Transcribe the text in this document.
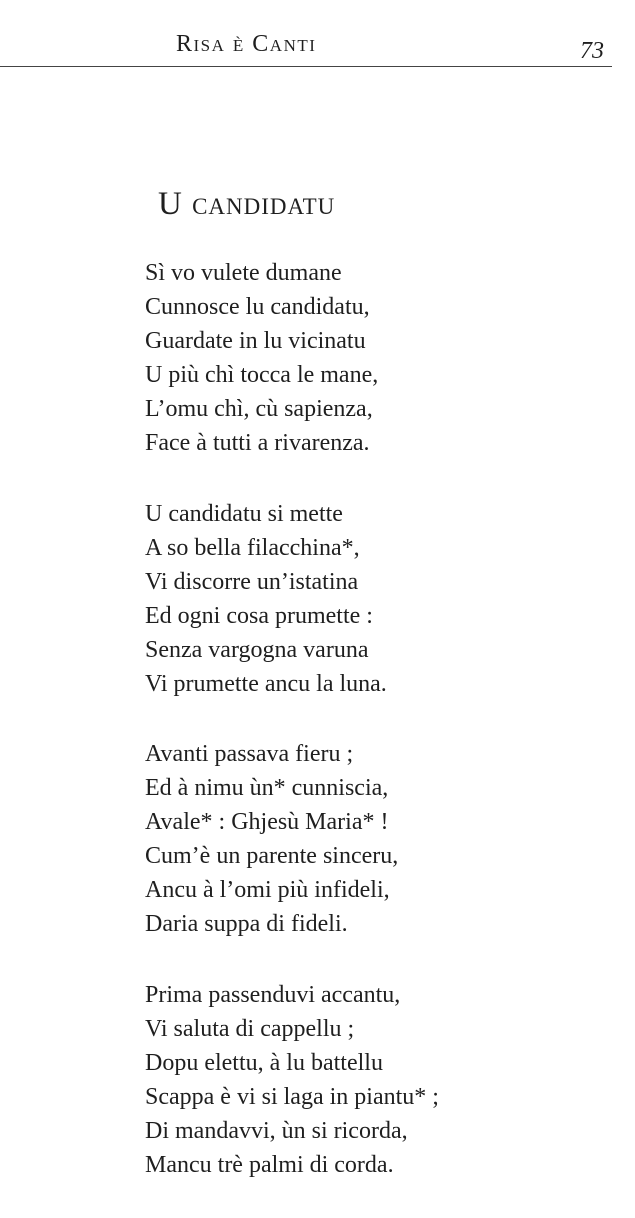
Risa è Canti	73
U candidatu
Sì vo vulete dumane
Cunnosce lu candidatu,
Guardate in lu vicinatu
U più chì tocca le mane,
L’omu chì, cù sapienza,
Face à tutti a rivarenza.
U candidatu si mette
A so bella filacchina*,
Vi discorre un’istatina
Ed ogni cosa prumette :
Senza vargogna varuna
Vi prumette ancu la luna.
Avanti passava fieru ;
Ed à nimu ùn* cunniscia,
Avale* : Ghjesù Maria* !
Cum’è un parente sinceru,
Ancu à l’omi più infideli,
Daria suppa di fideli.
Prima passenduvi accantu,
Vi saluta di cappellu ;
Dopu elettu, à lu battellu
Scappa è vi si laga in piantu* ;
Di mandavvi, ùn si ricorda,
Mancu trè palmi di corda.
